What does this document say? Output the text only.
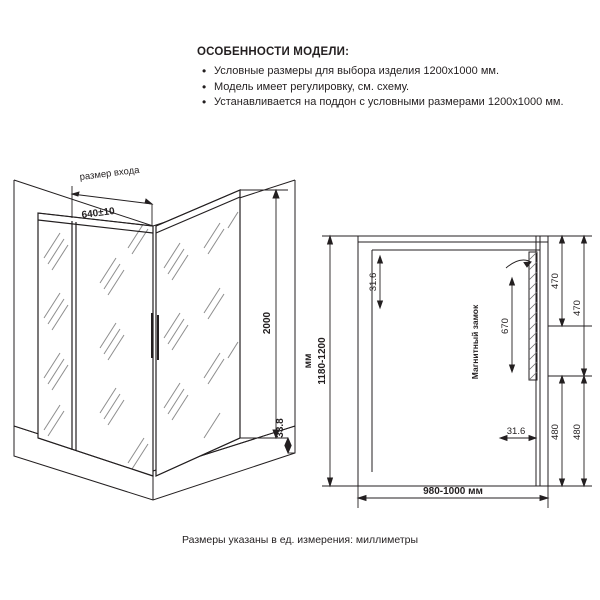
ОСОБЕННОСТИ МОДЕЛИ:
• Условные размеры для выбора изделия 1200x1000 мм.
• Модель имеет регулировку, см. схему.
• Устанавливается на поддон с условными размерами 1200x1000 мм.
размер входа
640±10
2000
33.8
Магнитный замок
31.6
670
470
470
480 480
31.6
1180-1200
мм
980-1000 мм
Размеры указаны в ед. измерения: миллиметры
